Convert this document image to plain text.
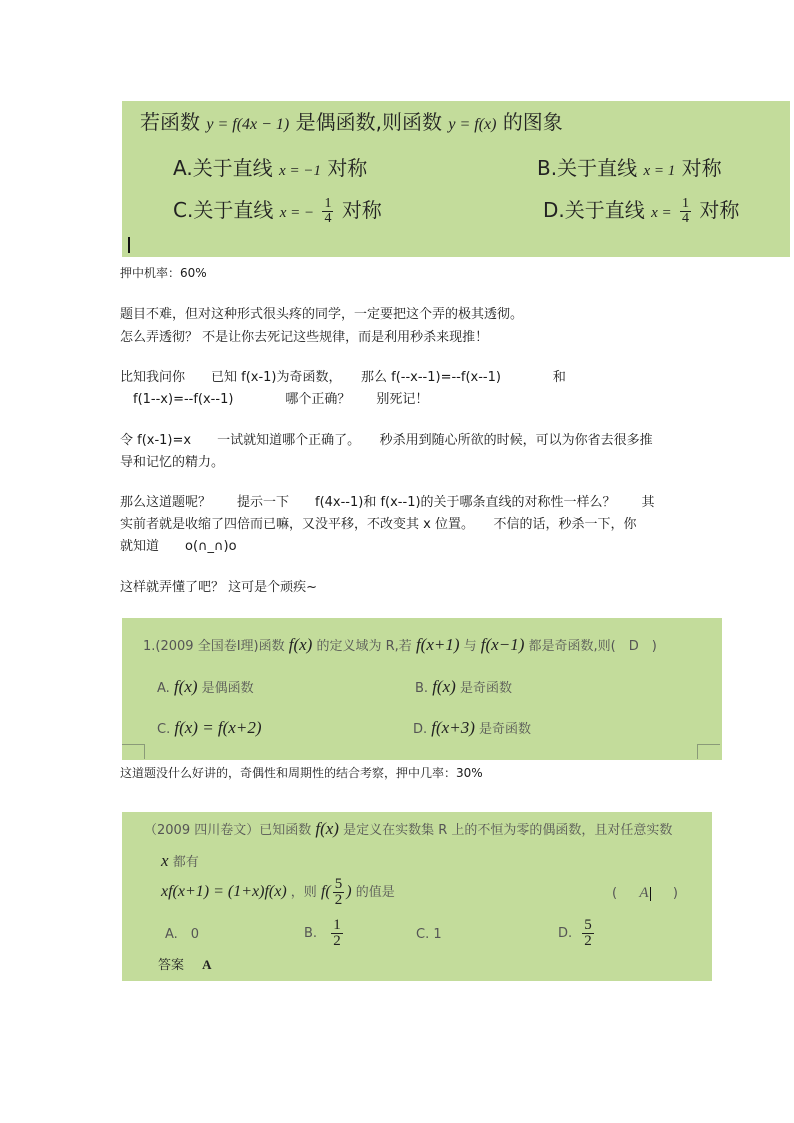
若函数 y = f(4x − 1) 是偶函数,则函数 y = f(x) 的图象
A.关于直线 x = −1 对称	B.关于直线 x = 1 对称
C.关于直线 x = − $\frac{1}{4}$ 对称	D.关于直线 $x = \frac{1}{4}$ 对称
押中机率：60%
题目不难，但对这种形式很头疼的同学，一定要把这个弄的极其透彻。
怎么弄透彻？ 不是让你去死记这些规律，而是利用秒杀来现推！
比知我问你　　已知 f(x-1)为奇函数，　　那么 f(--x--1)=--f(x--1)　　　　和
　f(1--x)=--f(x--1)　　　　哪个正确？　　别死记！
令 f(x-1)=x　　一试就知道哪个正确了。　　秒杀用到随心所欲的时候，可以为你省去很多推
导和记忆的精力。
那么这道题呢？　　提示一下　　f(4x--1)和 f(x--1)的关于哪条直线的对称性一样么？　　其
实前者就是收缩了四倍而已嘛，又没平移，不改变其 x 位置。　　不信的话，秒杀一下，你
就知道　　o(∩_∩)o
这样就弄懂了吧？ 这可是个顽疾~
1.(2009 全国卷Ⅰ理)函数 f(x) 的定义域为 R,若 f(x+1) 与 f(x−1) 都是奇函数,则(　D　)
A. f(x) 是偶函数	B. f(x) 是奇函数
C. f(x) = f(x+2)	D. f(x+3) 是奇函数
这道题没什么好讲的，奇偶性和周期性的结合考察，押中几率：30%
（2009 四川卷文）已知函数 f(x) 是定义在实数集 R 上的不恒为零的偶函数，且对任意实数
x 都有
xf(x+1) = (1+x)f(x) ，则 $f( \frac{5}{2}$ ) 的值是	( A )
A.　0	B. $\frac{1}{2}$	C. 1	D. $\frac{5}{2}$
答案 A
